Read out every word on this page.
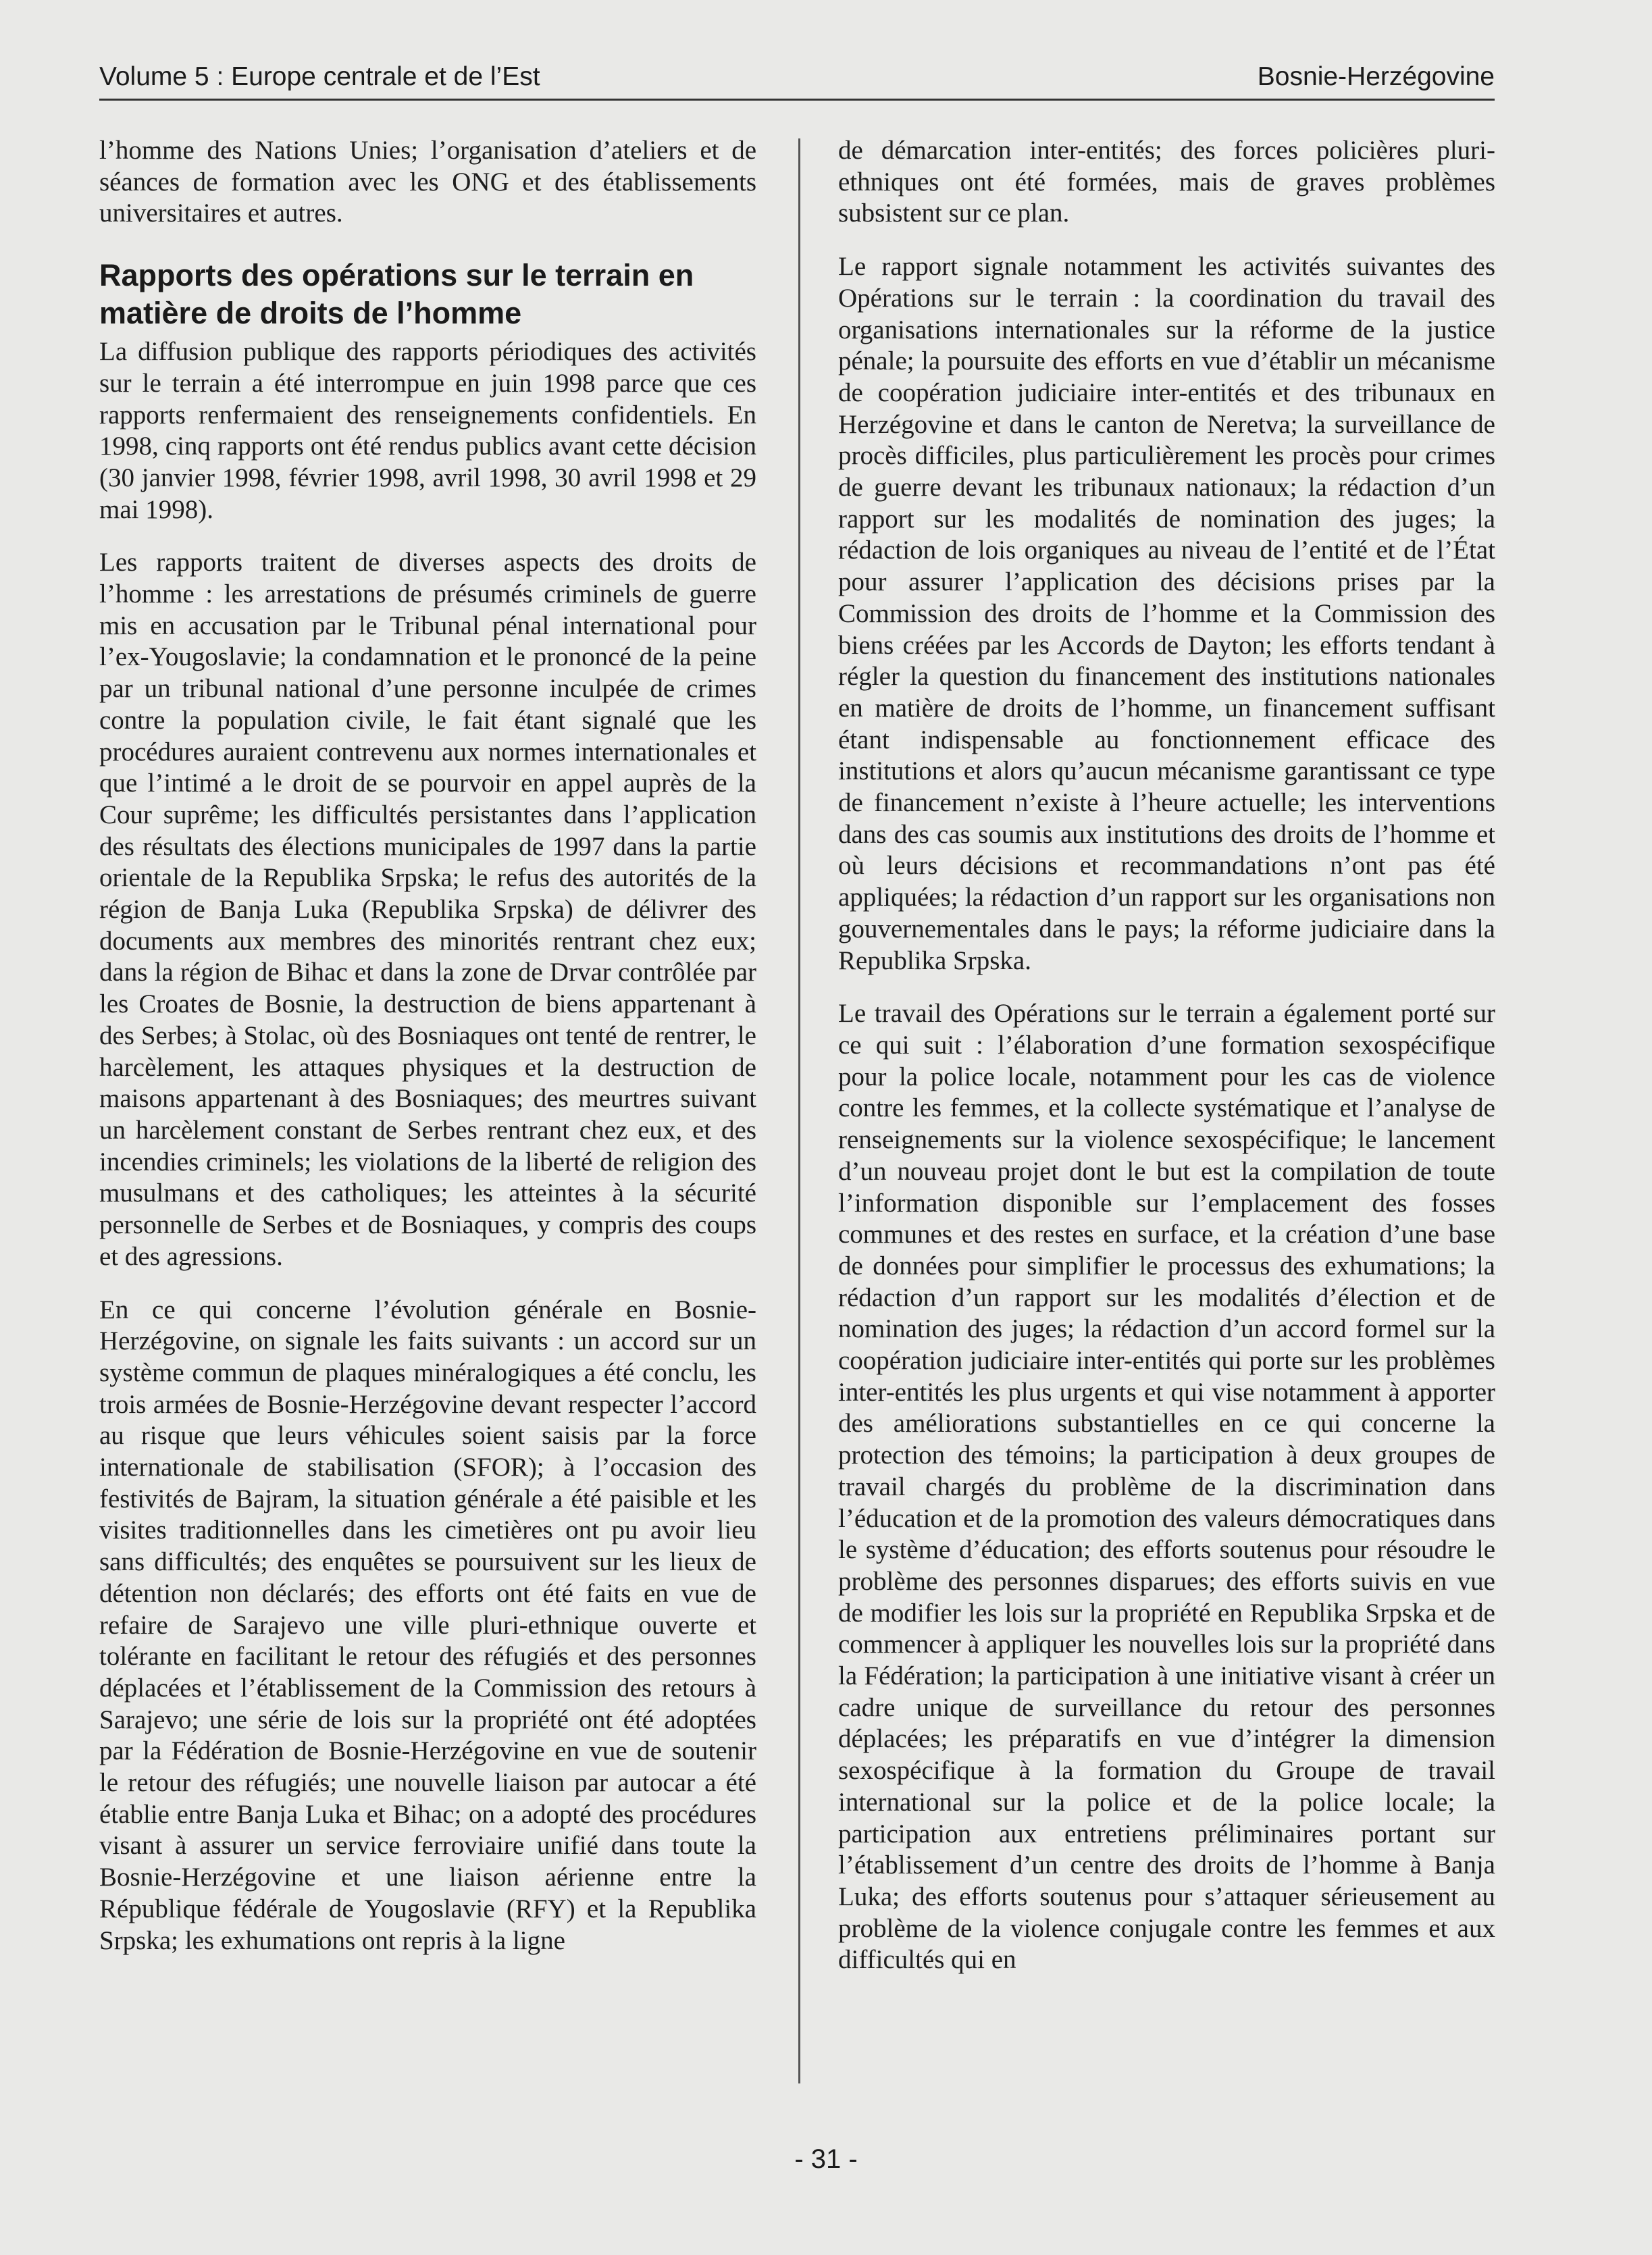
Volume 5 : Europe centrale et de l’Est	Bosnie-Herzégovine

l’homme des Nations Unies; l’organisation d’ateliers et de séances de formation avec les ONG et des établissements universitaires et autres.

Rapports des opérations sur le terrain en matière de droits de l’homme

La diffusion publique des rapports périodiques des activités sur le terrain a été interrompue en juin 1998 parce que ces rapports renfermaient des renseignements confidentiels. En 1998, cinq rapports ont été rendus publics avant cette décision (30 janvier 1998, février 1998, avril 1998, 30 avril 1998 et 29 mai 1998).

Les rapports traitent de diverses aspects des droits de l’homme : les arrestations de présumés criminels de guerre mis en accusation par le Tribunal pénal international pour l’ex-Yougoslavie; la condamnation et le prononcé de la peine par un tribunal national d’une personne inculpée de crimes contre la population civile, le fait étant signalé que les procédures auraient contrevenu aux normes internationales et que l’intimé a le droit de se pourvoir en appel auprès de la Cour suprême; les difficultés persistantes dans l’application des résultats des élections municipales de 1997 dans la partie orientale de la Republika Srpska; le refus des autorités de la région de Banja Luka (Republika Srpska) de délivrer des documents aux membres des minorités rentrant chez eux; dans la région de Bihac et dans la zone de Drvar contrôlée par les Croates de Bosnie, la destruction de biens appartenant à des Serbes; à Stolac, où des Bosniaques ont tenté de rentrer, le harcèlement, les attaques physiques et la destruction de maisons appartenant à des Bosniaques; des meurtres suivant un harcèlement constant de Serbes rentrant chez eux, et des incendies criminels; les violations de la liberté de religion des musulmans et des catholiques; les atteintes à la sécurité personnelle de Serbes et de Bosniaques, y compris des coups et des agressions.

En ce qui concerne l’évolution générale en Bosnie-Herzégovine, on signale les faits suivants : un accord sur un système commun de plaques minéralogiques a été conclu, les trois armées de Bosnie-Herzégovine devant respecter l’accord au risque que leurs véhicules soient saisis par la force internationale de stabilisation (SFOR); à l’occasion des festivités de Bajram, la situation générale a été paisible et les visites traditionnelles dans les cimetières ont pu avoir lieu sans difficultés; des enquêtes se poursuivent sur les lieux de détention non déclarés; des efforts ont été faits en vue de refaire de Sarajevo une ville pluri-ethnique ouverte et tolérante en facilitant le retour des réfugiés et des personnes déplacées et l’établissement de la Commission des retours à Sarajevo; une série de lois sur la propriété ont été adoptées par la Fédération de Bosnie-Herzégovine en vue de soutenir le retour des réfugiés; une nouvelle liaison par autocar a été établie entre Banja Luka et Bihac; on a adopté des procédures visant à assurer un service ferroviaire unifié dans toute la Bosnie-Herzégovine et une liaison aérienne entre la République fédérale de Yougoslavie (RFY) et la Republika Srpska; les exhumations ont repris à la ligne

de démarcation inter-entités; des forces policières pluri-ethniques ont été formées, mais de graves problèmes subsistent sur ce plan.

Le rapport signale notamment les activités suivantes des Opérations sur le terrain : la coordination du travail des organisations internationales sur la réforme de la justice pénale; la poursuite des efforts en vue d’établir un mécanisme de coopération judiciaire inter-entités et des tribunaux en Herzégovine et dans le canton de Neretva; la surveillance de procès difficiles, plus particulièrement les procès pour crimes de guerre devant les tribunaux nationaux; la rédaction d’un rapport sur les modalités de nomination des juges; la rédaction de lois organiques au niveau de l’entité et de l’État pour assurer l’application des décisions prises par la Commission des droits de l’homme et la Commission des biens créées par les Accords de Dayton; les efforts tendant à régler la question du financement des institutions nationales en matière de droits de l’homme, un financement suffisant étant indispensable au fonctionnement efficace des institutions et alors qu’aucun mécanisme garantissant ce type de financement n’existe à l’heure actuelle; les interventions dans des cas soumis aux institutions des droits de l’homme et où leurs décisions et recommandations n’ont pas été appliquées; la rédaction d’un rapport sur les organisations non gouvernementales dans le pays; la réforme judiciaire dans la Republika Srpska.

Le travail des Opérations sur le terrain a également porté sur ce qui suit : l’élaboration d’une formation sexospécifique pour la police locale, notamment pour les cas de violence contre les femmes, et la collecte systématique et l’analyse de renseignements sur la violence sexospécifique; le lancement d’un nouveau projet dont le but est la compilation de toute l’information disponible sur l’emplacement des fosses communes et des restes en surface, et la création d’une base de données pour simplifier le processus des exhumations; la rédaction d’un rapport sur les modalités d’élection et de nomination des juges; la rédaction d’un accord formel sur la coopération judiciaire inter-entités qui porte sur les problèmes inter-entités les plus urgents et qui vise notamment à apporter des améliorations substantielles en ce qui concerne la protection des témoins; la participation à deux groupes de travail chargés du problème de la discrimination dans l’éducation et de la promotion des valeurs démocratiques dans le système d’éducation; des efforts soutenus pour résoudre le problème des personnes disparues; des efforts suivis en vue de modifier les lois sur la propriété en Republika Srpska et de commencer à appliquer les nouvelles lois sur la propriété dans la Fédération; la participation à une initiative visant à créer un cadre unique de surveillance du retour des personnes déplacées; les préparatifs en vue d’intégrer la dimension sexospécifique à la formation du Groupe de travail international sur la police et de la police locale; la participation aux entretiens préliminaires portant sur l’établissement d’un centre des droits de l’homme à Banja Luka; des efforts soutenus pour s’attaquer sérieusement au problème de la violence conjugale contre les femmes et aux difficultés qui en

- 31 -
